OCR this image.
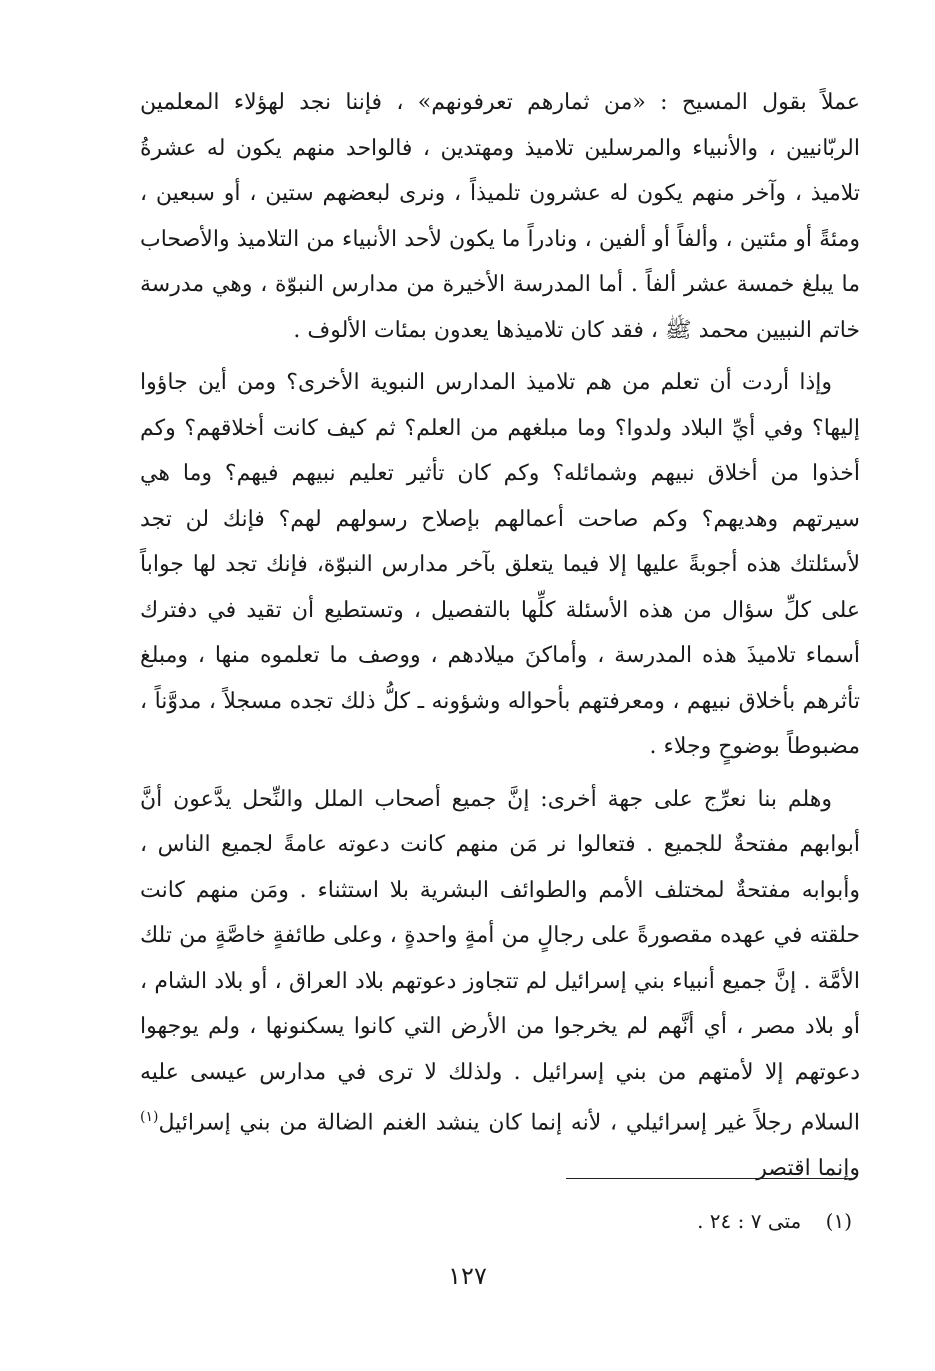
عملاً بقول المسيح : «من ثمارهم تعرفونهم» ، فإننا نجد لهؤلاء المعلمين الربّانيين ، والأنبياء والمرسلين تلاميذ ومهتدين ، فالواحد منهم يكون له عشرةُ تلاميذ ، وآخر منهم يكون له عشرون تلميذاً ، ونرى لبعضهم ستين ، أو سبعين ، ومئةً أو مئتين ، وألفاً أو ألفين ، ونادراً ما يكون لأحد الأنبياء من التلاميذ والأصحاب ما يبلغ خمسة عشر ألفاً . أما المدرسة الأخيرة من مدارس النبوّة ، وهي مدرسة خاتم النبيين محمد ﷺ ، فقد كان تلاميذها يعدون بمئات الألوف .

وإذا أردت أن تعلم من هم تلاميذ المدارس النبوية الأخرى؟ ومن أين جاؤوا إليها؟ وفي أيِّ البلاد ولدوا؟ وما مبلغهم من العلم؟ ثم كيف كانت أخلاقهم؟ وكم أخذوا من أخلاق نبيهم وشمائله؟ وكم كان تأثير تعليم نبيهم فيهم؟ وما هي سيرتهم وهديهم؟ وكم صاحت أعمالهم بإصلاح رسولهم لهم؟ فإنك لن تجد لأسئلتك هذه أجوبةً عليها إلا فيما يتعلق بآخر مدارس النبوّة، فإنك تجد لها جواباً على كلِّ سؤال من هذه الأسئلة كلِّها بالتفصيل ، وتستطيع أن تقيد في دفترك أسماء تلاميذَ هذه المدرسة ، وأماكنَ ميلادهم ، ووصف ما تعلموه منها ، ومبلغ تأثرهم بأخلاق نبيهم ، ومعرفتهم بأحواله وشؤونه ـ كلُّ ذلك تجده مسجلاً ، مدوَّناً ، مضبوطاً بوضوحٍ وجلاء .

وهلم بنا نعرِّج على جهة أخرى: إنَّ جميع أصحاب الملل والنِّحل يدَّعون أنَّ أبوابهم مفتحةٌ للجميع . فتعالوا نر مَن منهم كانت دعوته عامةً لجميع الناس ، وأبوابه مفتحةٌ لمختلف الأمم والطوائف البشرية بلا استثناء . ومَن منهم كانت حلقته في عهده مقصورةً على رجالٍ من أمةٍ واحدةٍ ، وعلى طائفةٍ خاصَّةٍ من تلك الأمَّة . إنَّ جميع أنبياء بني إسرائيل لم تتجاوز دعوتهم بلاد العراق ، أو بلاد الشام ، أو بلاد مصر ، أي أنَّهم لم يخرجوا من الأرض التي كانوا يسكنونها ، ولم يوجهوا دعوتهم إلا لأمتهم من بني إسرائيل . ولذلك لا ترى في مدارس عيسى عليه السلام رجلاً غير إسرائيلي ، لأنه إنما كان ينشد الغنم الضالة من بني إسرائيل$^{(١)}$ وإنما اقتصر

(١) متى ٧ : ٢٤ .
١٢٧
